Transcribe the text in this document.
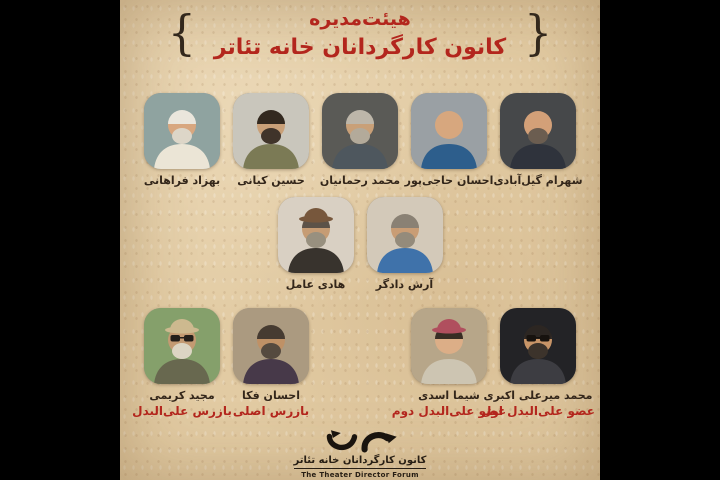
{	هیئت‌مدیره
کانون کارگردانان خانه تئاتر }
بهزاد فراهانی حسین کیانی محمد رحمانیان احسان حاجی‌پور شهرام گیل‌آبادی
هادی عامل	آرش دادگر
مجید کریمی
بازرس علی‌البدل
احسان فکا
بازرس اصلی
شیما اسدی
عضو علی‌البدل دوم
محمد میرعلی اکبری
عضو علی‌البدل اول
کانون کارگردانان خانه تئاتر
The Theater Director Forum
